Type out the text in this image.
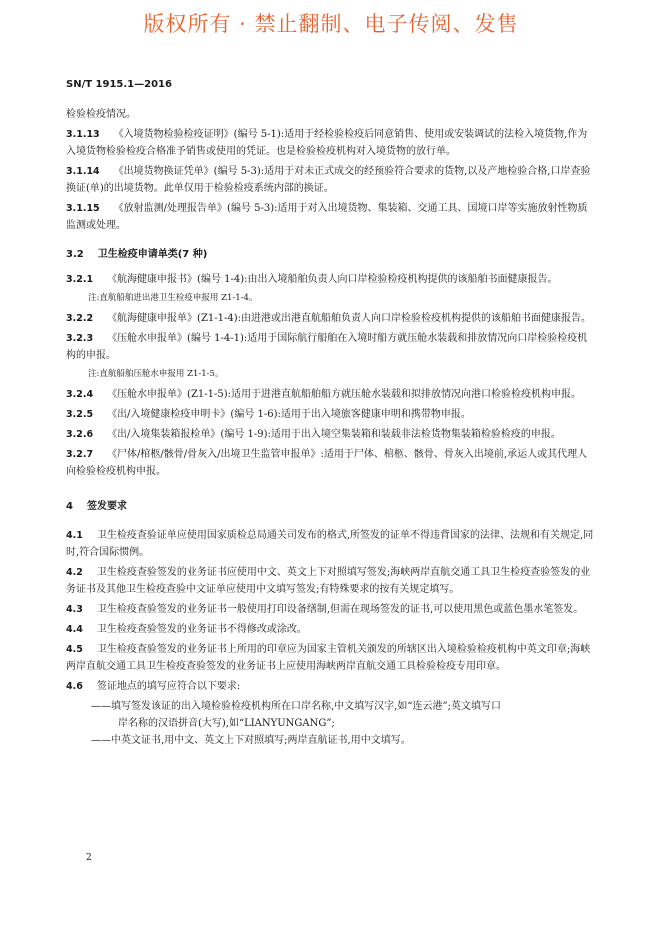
版权所有 · 禁止翻制、电子传阅、发售
SN/T 1915.1—2016

检验检疫情况。

3.1.13 《入境货物检验检疫证明》(编号 5-1):适用于经检验检疫后同意销售、使用或安装调试的法检入境货物,作为入境货物检验检疫合格准予销售或使用的凭证。也是检验检疫机构对入境货物的放行单。

3.1.14 《出境货物换证凭单》(编号 5-3):适用于对未正式成交的经预验符合要求的货物,以及产地检验合格,口岸查验换证(单)的出境货物。此单仅用于检验检疫系统内部的换证。

3.1.15 《放射监测/处理报告单》(编号 5-3):适用于对入出境货物、集装箱、交通工具、国境口岸等实施放射性物质监测或处理。

3.2 卫生检疫申请单类(7 种)

3.2.1 《航海健康申报书》(编号 1-4):由出入境船舶负责人向口岸检验检疫机构提供的该船舶书面健康报告。

注:直航船舶进出港卫生检疫申报用 Z1-1-4。

3.2.2 《航海健康申报单》(Z1-1-4):由进港或出港直航船舶负责人向口岸检验检疫机构提供的该船舶书面健康报告。

3.2.3 《压舱水申报单》(编号 1-4-1):适用于国际航行船舶在入境时船方就压舱水装载和排放情况向口岸检验检疫机构的申报。

注:直航船舶压舱水申报用 Z1-1-5。

3.2.4 《压舱水申报单》(Z1-1-5):适用于进港直航船舶船方就压舱水装载和拟排放情况向港口检验检疫机构申报。

3.2.5 《出/入境健康检疫申明卡》(编号 1-6):适用于出入境旅客健康申明和携带物申报。

3.2.6 《出/入境集装箱报检单》(编号 1-9):适用于出入境空集装箱和装载非法检货物集装箱检验检疫的申报。

3.2.7 《尸体/棺柩/骸骨/骨灰入/出境卫生监管申报单》:适用于尸体、棺柩、骸骨、骨灰入出境前,承运人或其代理人向检验检疫机构申报。

4 签发要求

4.1 卫生检疫查验证单应使用国家质检总局通关司发布的格式,所签发的证单不得违背国家的法律、法规和有关规定,同时,符合国际惯例。

4.2 卫生检疫查验签发的业务证书应使用中文、英文上下对照填写签发;海峡两岸直航交通工具卫生检疫查验签发的业务证书及其他卫生检疫查验中文证单应使用中文填写签发;有特殊要求的按有关规定填写。

4.3 卫生检疫查验签发的业务证书一般使用打印设备缮制,但需在现场签发的证书,可以使用黑色或蓝色墨水笔签发。

4.4 卫生检疫查验签发的业务证书不得修改或涂改。

4.5 卫生检疫查验签发的业务证书上所用的印章应为国家主管机关颁发的所辖区出入境检验检疫机构中英文印章;海峡两岸直航交通工具卫生检疫查验签发的业务证书上应使用海峡两岸直航交通工具检验检疫专用印章。

4.6 签证地点的填写应符合以下要求:

——填写签发该证的出入境检验检疫机构所在口岸名称,中文填写汉字,如“连云港”;英文填写口

岸名称的汉语拼音(大写),如“LIANYUNGANG”;

——中英文证书,用中文、英文上下对照填写;两岸直航证书,用中文填写。

2
